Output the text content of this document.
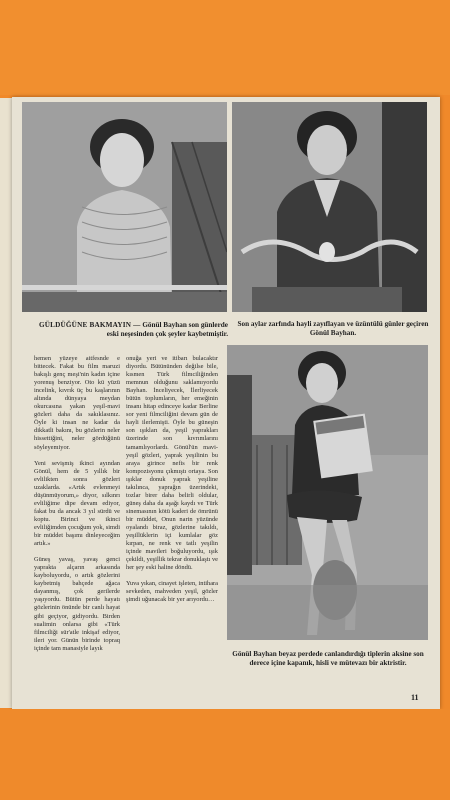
GÜLDÜĞÜNE BAKMAYIN — Gönül Bayhan son günlerde eski neşesinden çok şeyler kaybetmiştir.
Son aylar zarfında hayli zayıflayan ve üzüntülü günler geçiren Gönül Bayhan.
Gönül Bayhan beyaz perdede canlandırdığı tiplerin aksine son derece içine kapanık, hisli ve mütevazı bir aktristir.
hemen yüzeye aitfesnde e bittecek. Fakat bu film maruzi bakışlı genç meşi'nin kadın içine yorenuş benziyor. Oto kü yüzü incelink, kıvrık üç bu kaşlarının altında dünyaya meydan okurcasına yakan yeşil-mavi gözleri daha da sakıklasınız. Öyle ki insan ne kadar da dikkatli bakını, bu gözlerin neler hissettiğini, neler gördüğünü söyleyemiyor.

Yeni sevişmiş ikinci ayından Gönül, hem de 5 yıllık bir evlilikten sonra gözleri uzaklarda. «Artık evlenmeyi düşünmüyorum,» diyor, sılkınrı evliliğime dipe devam ediyor, fakat bu da ancak 3 yıl sürdü ve koptu. Birinci ve ikinci evliliğimden çocuğum yok, simdi bir müddet başımı dinleyeceğim artık.»

Güneş yavaş, yavaş genci yaprakta alçarın arkasında kayboluyordu, o artık gözlerini kaybetmiş bahçede ağaca dayanmış, çok gerilerde yaşıyordu. Bütün perde hayatı gözlerinin önünde bir canlı hayat gibi geçiyor, gidiyordu. Birden sualimin onlarsa gibi «Türk filmciliği sür'atle inkişaf ediyor, ileri yor. Günün birinde topraq içinde tam manasiyle layık
onuğa yeri ve itibarı bulacaktır diyordu. Bütününden değilse bile, kısmen Türk filmciliğinden memnun olduğunu saklamıyordu Bayhan. İnceliyecek, İlerliyecek bütün toplumların, her emeğinin insanı hitap edinceye kadar Berline sor yeni filmciliğini devam gün de hayli ilerlemişti. Öyle bu güneşin son ışıkları da, yeşil yaprakları üzerinde son kıvrımlarını tamamlıyorlardı. Gönül'ün mavi-yeşil gözleri, yaprak yeşilinin bu araya girince nefis bir renk kompozisyonu çıkmıştı ortaya. Son ışıklar donuk yaprak yeşiline takılınca, yaprağın üzerindeki, tozlar birer daha belirli oldular, güneş daha da aşağı kaydı ve Türk sinemasının kötü kaderi de ömrünü bir müddet, Onun narin yüzünde oyalandı biraz, gözlerine takıldı, yeşillüklerin içi kumlalar göz kırpan, ne renk ve tatlı yeşilin içinde mavileri boğuluyordu, ışık çekildi, yeşillik tekrar donuklaştı ve her şey eski haline döndü.

Yuva yıkan, cinayet işleten, intihara sevkeden, mahveden yeşil, gözler şimdi uğunacak bir yer arıyordu…
11
